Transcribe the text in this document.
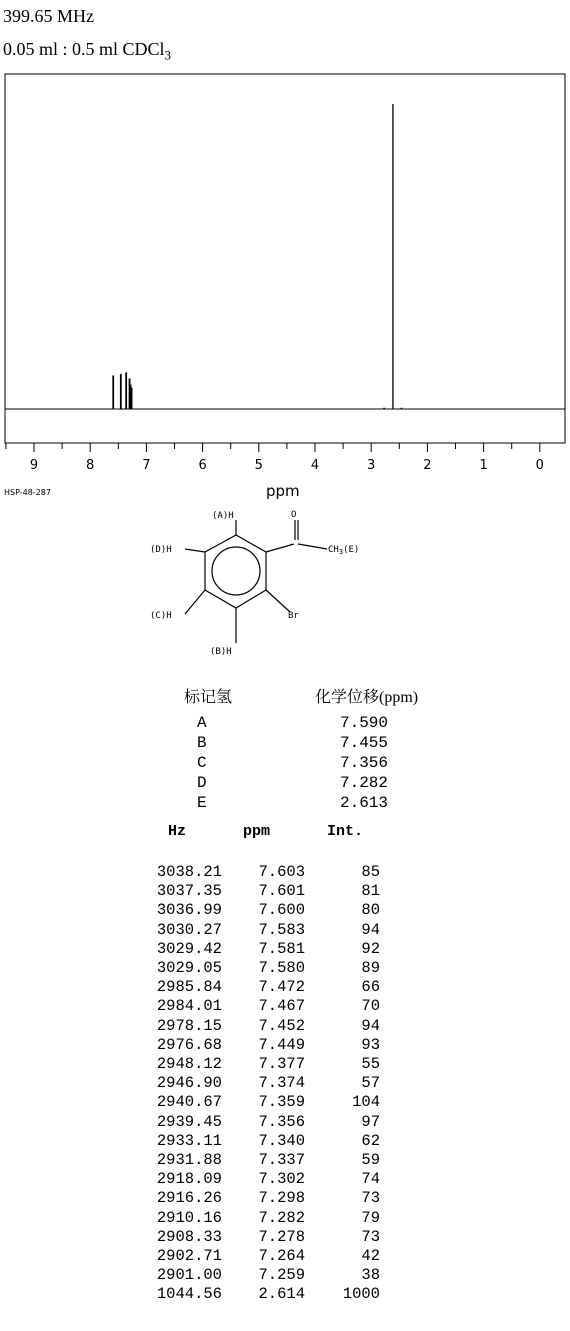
399.65 MHz
0.05 ml : 0.5 ml CDCl$_3$
9	8	7	6	5	4	3	2	1	0
HSP-48-287	ppm
(A)H	O
(D)H	$CH_3(E)$
(C)H	Br
(B)H
标记氢	化学位移(ppm)
A	7.590
B	7.455
C	7.356
D	7.282
E	2.613
Hz	ppm	Int.
3038.21	7.603	85
3037.35	7.601	81
3036.99	7.600	80
3030.27	7.583	94
3029.42	7.581	92
3029.05	7.580	89
2985.84	7.472	66
2984.01	7.467	70
2978.15	7.452	94
2976.68	7.449	93
2948.12	7.377	55
2946.90	7.374	57
2940.67	7.359	104
2939.45	7.356	97
2933.11	7.340	62
2931.88	7.337	59
2918.09	7.302	74
2916.26	7.298	73
2910.16	7.282	79
2908.33	7.278	73
2902.71	7.264	42
2901.00	7.259	38
1044.56	2.614	1000
